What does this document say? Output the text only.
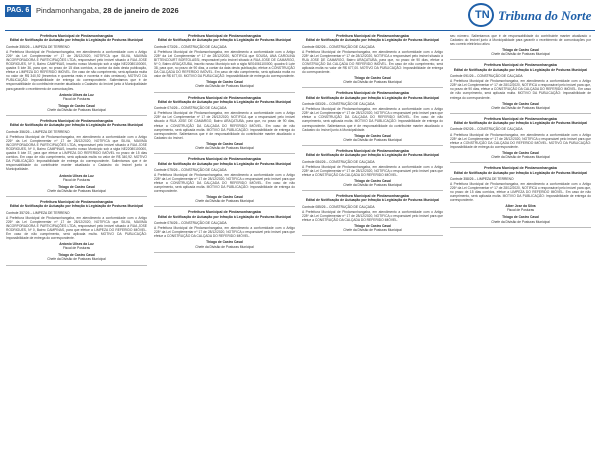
PAG. 6 Pindamonhangaba, 28 de janeiro de 2026	TN Tribuna do Norte
Prefeitura Municipal de Pindamonhangaba
Edital de Notificação de Autuação por Infração à Legislação de Posturas Municipal
Controle 355/26 – LIMPEZA DE TERRENO
A Prefeitura Municipal de Pindamonhangaba, em atendimento a conformidade com o Artigo 226º da Lei Complementar nº 17 de 28/12/2020, NOTIFICA que SILVA, MAXIMA INCORPORADORA E PARTICIPAÇÕES LTDA, responsável pelo imóvel situado à RUA JOSE RODRIGUES, Nº 0, Bairro CAMPINAS, inscrito nosso Município sob a sigla NE22080100000, quadra 5 lote 36, para que, no prazo de 15 dias corridos, a contar da data desta publicação, efetue a LIMPEZA DO REFERIDO IMÓVEL. Em caso de não cumprimento, será aplicada multa no valor de R$ 340,92 (trezentos e quarenta reais e noventa e dois centavos). MOTIVO DA PUBLICAÇÃO: Impossibilidade de entrega do correspondente. Salientamos que é de responsabilidade do contribuinte manter atualizado o Cadastro do Imóvel junto à Municipalidade para garantir o recebimento de comunicações.
Antonio Ulises da Luz
Fiscal de Posturas
Thiago de Castro Casal
Chefe da Divisão de Posturas Municipal
Prefeitura Municipal de Pindamonhangaba
Edital de Notificação de Autuação por Infração à Legislação de Posturas Municipal
Controle 356/26 – LIMPEZA DE TERRENO
A Prefeitura Municipal de Pindamonhangaba, em atendimento a conformidade com o Artigo 226º da Lei Complementar nº 17 de 28/12/2020, NOTIFICA que SILVA, MAXIMA INCORPORADORA E PARTICIPAÇÕES LTDA, responsável pelo imóvel situado à RUA JOSE RODRIGUES, Nº 0, Bairro CAMPINAS, inscrito nosso Município sob a sigla NE22080100000, quadra 5 lote 37, para que efetue a LIMPEZA DO REFERIDO IMÓVEL no prazo de 15 dias corridos. Em caso de não cumprimento, será aplicada multa no valor de R$ 340,92. MOTIVO DA PUBLICAÇÃO: Impossibilidade de entrega do correspondente. Salientamos que é de responsabilidade do contribuinte manter atualizado o Cadastro do Imóvel junto à Municipalidade.
Antonio Ulises da Luz
Fiscal de Posturas
Thiago de Castro Casal
Chefe da Divisão de Posturas Municipal
Prefeitura Municipal de Pindamonhangaba
Edital de Notificação de Autuação por Infração à Legislação de Posturas Municipal
Controle 357/26 – LIMPEZA DE TERRENO
A Prefeitura Municipal de Pindamonhangaba, em atendimento a conformidade com o Artigo 226º da Lei Complementar nº 17 de 28/12/2020, NOTIFICA que SILVA, MAXIMA INCORPORADORA E PARTICIPAÇÕES LTDA, responsável pelo imóvel situado à RUA JOSE RODRIGUES, Nº 0, Bairro CAMPINAS, para que efetue a LIMPEZA DO REFERIDO IMÓVEL. Em caso de não cumprimento, será aplicada multa. MOTIVO DA PUBLICAÇÃO: Impossibilidade de entrega do correspondente.
Antonio Ulises da Luz
Fiscal de Posturas
Thiago de Castro Casal
Chefe da Divisão de Posturas Municipal
Prefeitura Municipal de Pindamonhangaba
Edital de Notificação de Autuação por Infração à Legislação de Posturas Municipal
Controle 073/26 – CONSTRUÇÃO DE CALÇADA
A Prefeitura Municipal de Pindamonhangaba, em atendimento a conformidade com o Artigo 228º da Lei Complementar nº 17 de 28/12/2020, NOTIFICA que SOUSA, ANA CAROLINA BITTENCOURT BORTOLASSI, responsável pelo imóvel situado à RUA JOSE DE CAMARGO, Nº 0, Bairro ARAÇATUBA, inscrito nosso Município sob a sigla NE04061100000, quadra 6 Lote 38, para que, no prazo de 90 dias, a contar da data desta publicação, efetue a CONSTRUÇÃO DA CALÇADA DO REFERIDO IMÓVEL. Em caso de não cumprimento, será aplicada multa no valor de R$ 677,00. MOTIVO DA PUBLICAÇÃO: Impossibilidade de entrega do correspondente.
Thiago de Castro Casal
Chefe da Divisão de Posturas Municipal
Prefeitura Municipal de Pindamonhangaba
Edital de Notificação de Autuação por Infração à Legislação de Posturas Municipal
Controle 074/26 – CONSTRUÇÃO DE CALÇADA
A Prefeitura Municipal de Pindamonhangaba, em atendimento a conformidade com o Artigo 228º da Lei Complementar nº 17 de 28/12/2020, NOTIFICA que o responsável pelo imóvel situado à RUA JOSE DE CAMARGO, Bairro ARAÇATUBA, para que, no prazo de 90 dias, efetue a CONSTRUÇÃO DA CALÇADA DO REFERIDO IMÓVEL. Em caso de não cumprimento, será aplicada multa. MOTIVO DA PUBLICAÇÃO: Impossibilidade de entrega do correspondente. Salientamos que é de responsabilidade do contribuinte manter atualizado o Cadastro do Imóvel.
Thiago de Castro Casal
Chefe da Divisão de Posturas Municipal
Prefeitura Municipal de Pindamonhangaba
Edital de Notificação de Autuação por Infração à Legislação de Posturas Municipal
Controle 075/26 – CONSTRUÇÃO DE CALÇADA
A Prefeitura Municipal de Pindamonhangaba, em atendimento a conformidade com o Artigo 228º da Lei Complementar nº 17 de 28/12/2020, NOTIFICA o responsável pelo imóvel para que efetue a CONSTRUÇÃO DA CALÇADA DO REFERIDO IMÓVEL. Em caso de não cumprimento, será aplicada multa. MOTIVO DA PUBLICAÇÃO: Impossibilidade de entrega do correspondente.
Thiago de Castro Casal
Chefe da Divisão de Posturas Municipal
Prefeitura Municipal de Pindamonhangaba
Edital de Notificação de Autuação por Infração à Legislação de Posturas Municipal
Controle 076/26 – CONSTRUÇÃO DE CALÇADA
A Prefeitura Municipal de Pindamonhangaba, em atendimento a conformidade com o Artigo 228º da Lei Complementar nº 17 de 28/12/2020, NOTIFICA o responsável pelo imóvel para que efetue a CONSTRUÇÃO DA CALÇADA DO REFERIDO IMÓVEL.
Thiago de Castro Casal
Chefe da Divisão de Posturas Municipal
Prefeitura Municipal de Pindamonhangaba
Edital de Notificação de Autuação por Infração à Legislação de Posturas Municipal
Controle 082/26 – CONSTRUÇÃO DE CALÇADA
A Prefeitura Municipal de Pindamonhangaba, em atendimento a conformidade com o Artigo 228º da Lei Complementar nº 17 de 28/12/2020, NOTIFICA o responsável pelo imóvel situado à RUA JOSE DE CAMARGO, Bairro ARAÇATUBA, para que, no prazo de 90 dias, efetue a CONSTRUÇÃO DA CALÇADA DO REFERIDO IMÓVEL. Em caso de não cumprimento, será aplicada multa no valor de R$ 677,00. MOTIVO DA PUBLICAÇÃO: Impossibilidade de entrega do correspondente.
Thiago de Castro Casal
Chefe da Divisão de Posturas Municipal
Prefeitura Municipal de Pindamonhangaba
Edital de Notificação de Autuação por Infração à Legislação de Posturas Municipal
Controle 083/26 – CONSTRUÇÃO DE CALÇADA
A Prefeitura Municipal de Pindamonhangaba, em atendimento a conformidade com o Artigo 228º da Lei Complementar nº 17 de 28/12/2020, NOTIFICA o responsável pelo imóvel para que efetue a CONSTRUÇÃO DA CALÇADA DO REFERIDO IMÓVEL. Em caso de não cumprimento, será aplicada multa. MOTIVO DA PUBLICAÇÃO: Impossibilidade de entrega do correspondente. Salientamos que é de responsabilidade do contribuinte manter atualizado o Cadastro do Imóvel junto à Municipalidade.
Thiago de Castro Casal
Chefe da Divisão de Posturas Municipal
Prefeitura Municipal de Pindamonhangaba
Edital de Notificação de Autuação por Infração à Legislação de Posturas Municipal
Controle 084/26 – CONSTRUÇÃO DE CALÇADA
A Prefeitura Municipal de Pindamonhangaba, em atendimento a conformidade com o Artigo 228º da Lei Complementar nº 17 de 28/12/2020, NOTIFICA o responsável pelo imóvel para que efetue a CONSTRUÇÃO DA CALÇADA DO REFERIDO IMÓVEL.
Thiago de Castro Casal
Chefe da Divisão de Posturas Municipal
Prefeitura Municipal de Pindamonhangaba
Edital de Notificação de Autuação por Infração à Legislação de Posturas Municipal
Controle 085/26 – CONSTRUÇÃO DE CALÇADA
A Prefeitura Municipal de Pindamonhangaba, em atendimento a conformidade com o Artigo 228º da Lei Complementar nº 17 de 28/12/2020, NOTIFICA o responsável pelo imóvel para que efetue a CONSTRUÇÃO DA CALÇADA DO REFERIDO IMÓVEL.
Thiago de Castro Casal
Chefe da Divisão de Posturas Municipal
seu número. Salientamos que é de responsabilidade do contribuinte manter atualizado o Cadastro do Imóvel junto à Municipalidade para garantir o recebimento de comunicações por seu correio eletrônico ativo.
Thiago de Castro Casal
Chefe da Divisão de Posturas Municipal
Prefeitura Municipal de Pindamonhangaba
Edital de Notificação de Autuação por Infração à Legislação de Posturas Municipal
Controle 091/26 – CONSTRUÇÃO DE CALÇADA
A Prefeitura Municipal de Pindamonhangaba, em atendimento a conformidade com o Artigo 228º da Lei Complementar nº 17 de 28/12/2020, NOTIFICA o responsável pelo imóvel para que, no prazo de 90 dias, efetue a CONSTRUÇÃO DA CALÇADA DO REFERIDO IMÓVEL. Em caso de não cumprimento, será aplicada multa. MOTIVO DA PUBLICAÇÃO: Impossibilidade de entrega do correspondente.
Thiago de Castro Casal
Chefe da Divisão de Posturas Municipal
Prefeitura Municipal de Pindamonhangaba
Edital de Notificação de Autuação por Infração à Legislação de Posturas Municipal
Controle 092/26 – CONSTRUÇÃO DE CALÇADA
A Prefeitura Municipal de Pindamonhangaba, em atendimento a conformidade com o Artigo 228º da Lei Complementar nº 17 de 28/12/2020, NOTIFICA o responsável pelo imóvel para que efetue a CONSTRUÇÃO DA CALÇADA DO REFERIDO IMÓVEL. MOTIVO DA PUBLICAÇÃO: Impossibilidade de entrega do correspondente.
Thiago de Castro Casal
Chefe da Divisão de Posturas Municipal
Prefeitura Municipal de Pindamonhangaba
Edital de Notificação de Autuação por Infração à Legislação de Posturas Municipal
Controle 358/26 – LIMPEZA DE TERRENO
A Prefeitura Municipal de Pindamonhangaba, em atendimento a conformidade com o Artigo 226º da Lei Complementar nº 17 de 28/12/2020, NOTIFICA o responsável pelo imóvel para que, no prazo de 15 dias corridos, efetue a LIMPEZA DO REFERIDO IMÓVEL. Em caso de não cumprimento, será aplicada multa. MOTIVO DA PUBLICAÇÃO: Impossibilidade de entrega do correspondente.
Alber Jose da Silva
Fiscal de Posturas
Thiago de Castro Casal
Chefe da Divisão de Posturas Municipal
